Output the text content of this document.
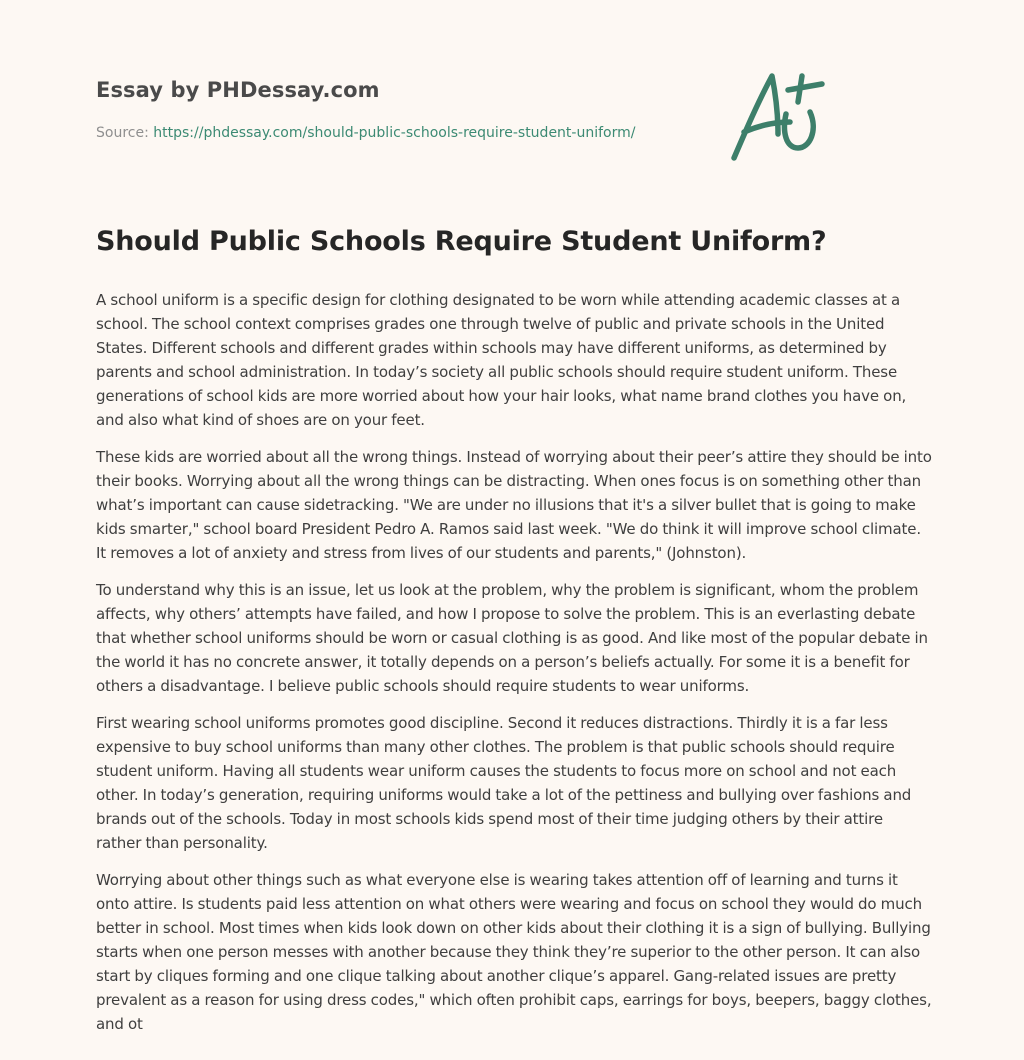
Essay by PHDessay.com
Source: https://phdessay.com/should-public-schools-require-student-uniform/
Should Public Schools Require Student Uniform?

A school uniform is a specific design for clothing designated to be worn while attending academic classes at a school. The school context comprises grades one through twelve of public and private schools in the United States. Different schools and different grades within schools may have different uniforms, as determined by parents and school administration. In today’s society all public schools should require student uniform. These generations of school kids are more worried about how your hair looks, what name brand clothes you have on, and also what kind of shoes are on your feet.

These kids are worried about all the wrong things. Instead of worrying about their peer’s attire they should be into their books. Worrying about all the wrong things can be distracting. When ones focus is on something other than what’s important can cause sidetracking. "We are under no illusions that it's a silver bullet that is going to make kids smarter," school board President Pedro A. Ramos said last week. "We do think it will improve school climate. It removes a lot of anxiety and stress from lives of our students and parents," (Johnston).

To understand why this is an issue, let us look at the problem, why the problem is significant, whom the problem affects, why others’ attempts have failed, and how I propose to solve the problem. This is an everlasting debate that whether school uniforms should be worn or casual clothing is as good. And like most of the popular debate in the world it has no concrete answer, it totally depends on a person’s beliefs actually. For some it is a benefit for others a disadvantage. I believe public schools should require students to wear uniforms.

First wearing school uniforms promotes good discipline. Second it reduces distractions. Thirdly it is a far less expensive to buy school uniforms than many other clothes. The problem is that public schools should require student uniform. Having all students wear uniform causes the students to focus more on school and not each other. In today’s generation, requiring uniforms would take a lot of the pettiness and bullying over fashions and brands out of the schools. Today in most schools kids spend most of their time judging others by their attire rather than personality.

Worrying about other things such as what everyone else is wearing takes attention off of learning and turns it onto attire. Is students paid less attention on what others were wearing and focus on school they would do much better in school. Most times when kids look down on other kids about their clothing it is a sign of bullying. Bullying starts when one person messes with another because they think they’re superior to the other person. It can also start by cliques forming and one clique talking about another clique’s apparel. Gang-related issues are pretty prevalent as a reason for using dress codes," which often prohibit caps, earrings for boys, beepers, baggy clothes, and ot
